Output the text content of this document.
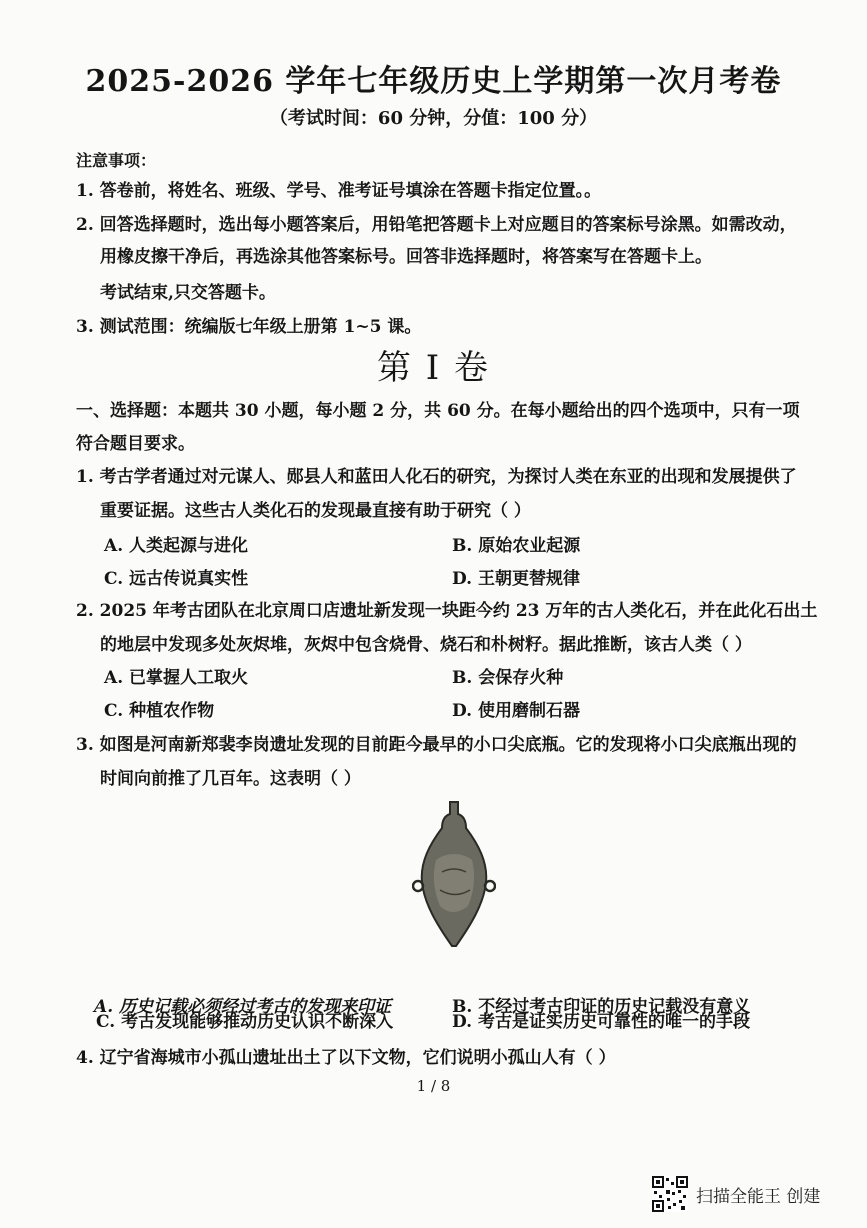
2025-2026 学年七年级历史上学期第一次月考卷
（考试时间：60 分钟，分值：100 分）
注意事项：
1. 答卷前，将姓名、班级、学号、准考证号填涂在答题卡指定位置。。
2. 回答选择题时，选出每小题答案后，用铅笔把答题卡上对应题目的答案标号涂黑。如需改动，
用橡皮擦干净后，再选涂其他答案标号。回答非选择题时，将答案写在答题卡上。
考试结束,只交答题卡。
3. 测试范围：统编版七年级上册第 1~5 课。
第 I 卷
一、选择题：本题共 30 小题，每小题 2 分，共 60 分。在每小题给出的四个选项中，只有一项
符合题目要求。
1. 考古学者通过对元谋人、郧县人和蓝田人化石的研究，为探讨人类在东亚的出现和发展提供了
重要证据。这些古人类化石的发现最直接有助于研究（ ）
A. 人类起源与进化	B. 原始农业起源
C. 远古传说真实性	D. 王朝更替规律
2. 2025 年考古团队在北京周口店遗址新发现一块距今约 23 万年的古人类化石，并在此化石出土
的地层中发现多处灰烬堆，灰烬中包含烧骨、烧石和朴树籽。据此推断，该古人类（ ）
A. 已掌握人工取火	B. 会保存火种
C. 种植农作物	D. 使用磨制石器
3. 如图是河南新郑裴李岗遗址发现的目前距今最早的小口尖底瓶。它的发现将小口尖底瓶出现的
时间向前推了几百年。这表明（ ）
A. 历史记载必须经过考古的发现来印证	B. 不经过考古印证的历史记载没有意义
C. 考古发现能够推动历史认识不断深入	D. 考古是证实历史可靠性的唯一的手段
4. 辽宁省海城市小孤山遗址出土了以下文物，它们说明小孤山人有（ ）
1 / 8
扫描全能王 创建
